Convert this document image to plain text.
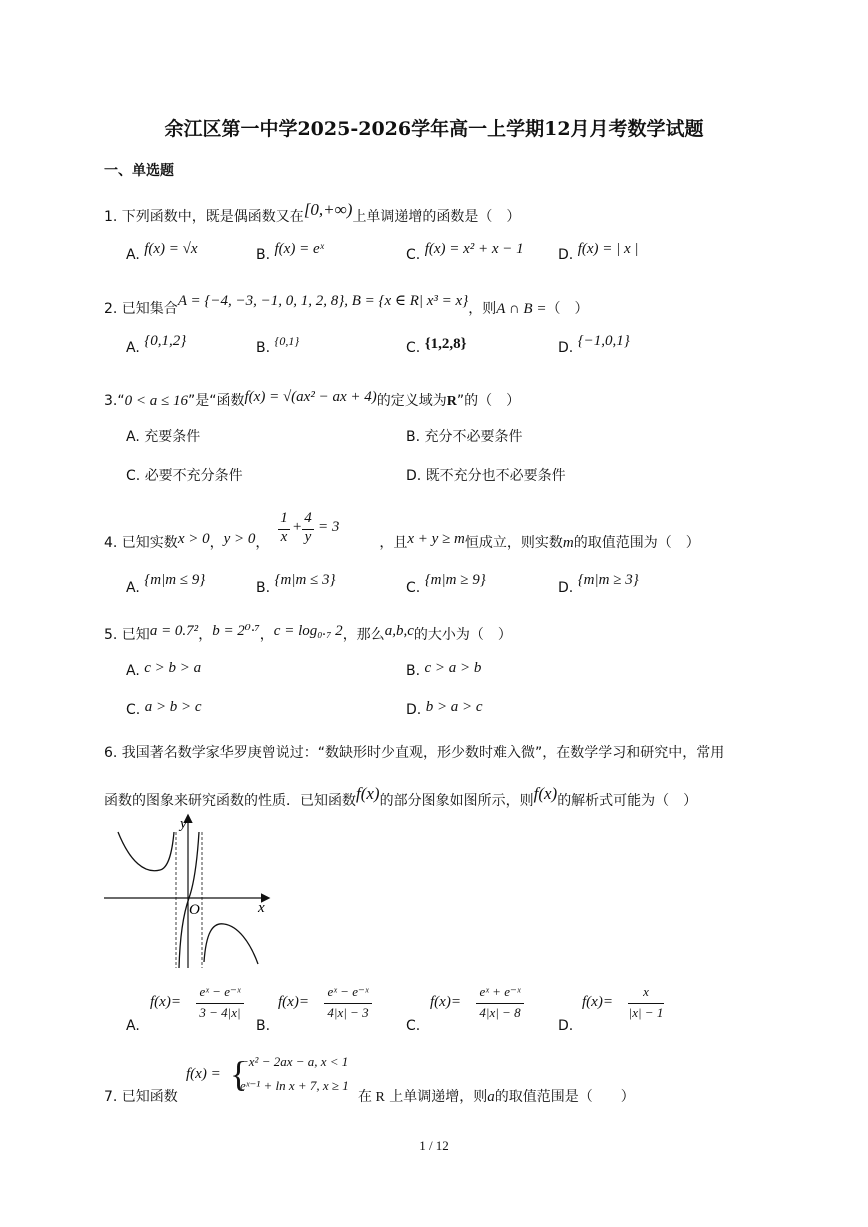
余江区第一中学2025-2026学年高一上学期12月月考数学试题
一、单选题
1. 下列函数中，既是偶函数又在[0,+∞)上单调递增的函数是（　）
A. f(x) = √x	B. f(x) = eˣ	C. f(x) = x² + x − 1 D. f(x) = | x |
2. 已知集合A = {−4, −3, −1, 0, 1, 2, 8}, B = {x ∈ R| x³ = x}，则A ∩ B =（　）
A. {0,1,2}	B. {0,1}	C. {1,2,8}	D. {−1,0,1}
3.“0 < a ≤ 16”是“函数f(x) = √(ax² − ax + 4)的定义域为R”的（　）
A. 充要条件	B. 充分不必要条件
C. 必要不充分条件	D. 既不充分也不必要条件
4. 已知实数x > 0，y > 0，	，且x + y ≥ m恒成立，则实数m的取值范围为（　）
1
x
+
4
y
= 3
A. {m|m ≤ 9}	B. {m|m ≤ 3}	C. {m|m ≥ 9}	D. {m|m ≥ 3}
5. 已知a = 0.7²，b = 2⁰·⁷，c = log₀.₇ 2，那么a,b,c的大小为（　）
A. c > b > a	B. c > a > b
C. a > b > c	D. b > a > c
6. 我国著名数学家华罗庚曾说过：“数缺形时少直观，形少数时难入微”，在数学学习和研究中，常用
函数的图象来研究函数的性质．已知函数f(x)的部分图象如图所示，则f(x)的解析式可能为（　）
y
x
O
A.
f(x)=
eˣ − e⁻ˣ
3 − 4|x|
B.
f(x)=
eˣ − e⁻ˣ
4|x| − 3
C.
f(x)=
eˣ + e⁻ˣ
4|x| − 8
D.
f(x)=
x
|x| − 1
7. 已知函数
f(x) = {
−x² − 2ax − a, x < 1
eˣ⁻¹ + ln x + 7, x ≥ 1
在 R 上单调递增，则a的取值范围是（　　）
1 / 12
